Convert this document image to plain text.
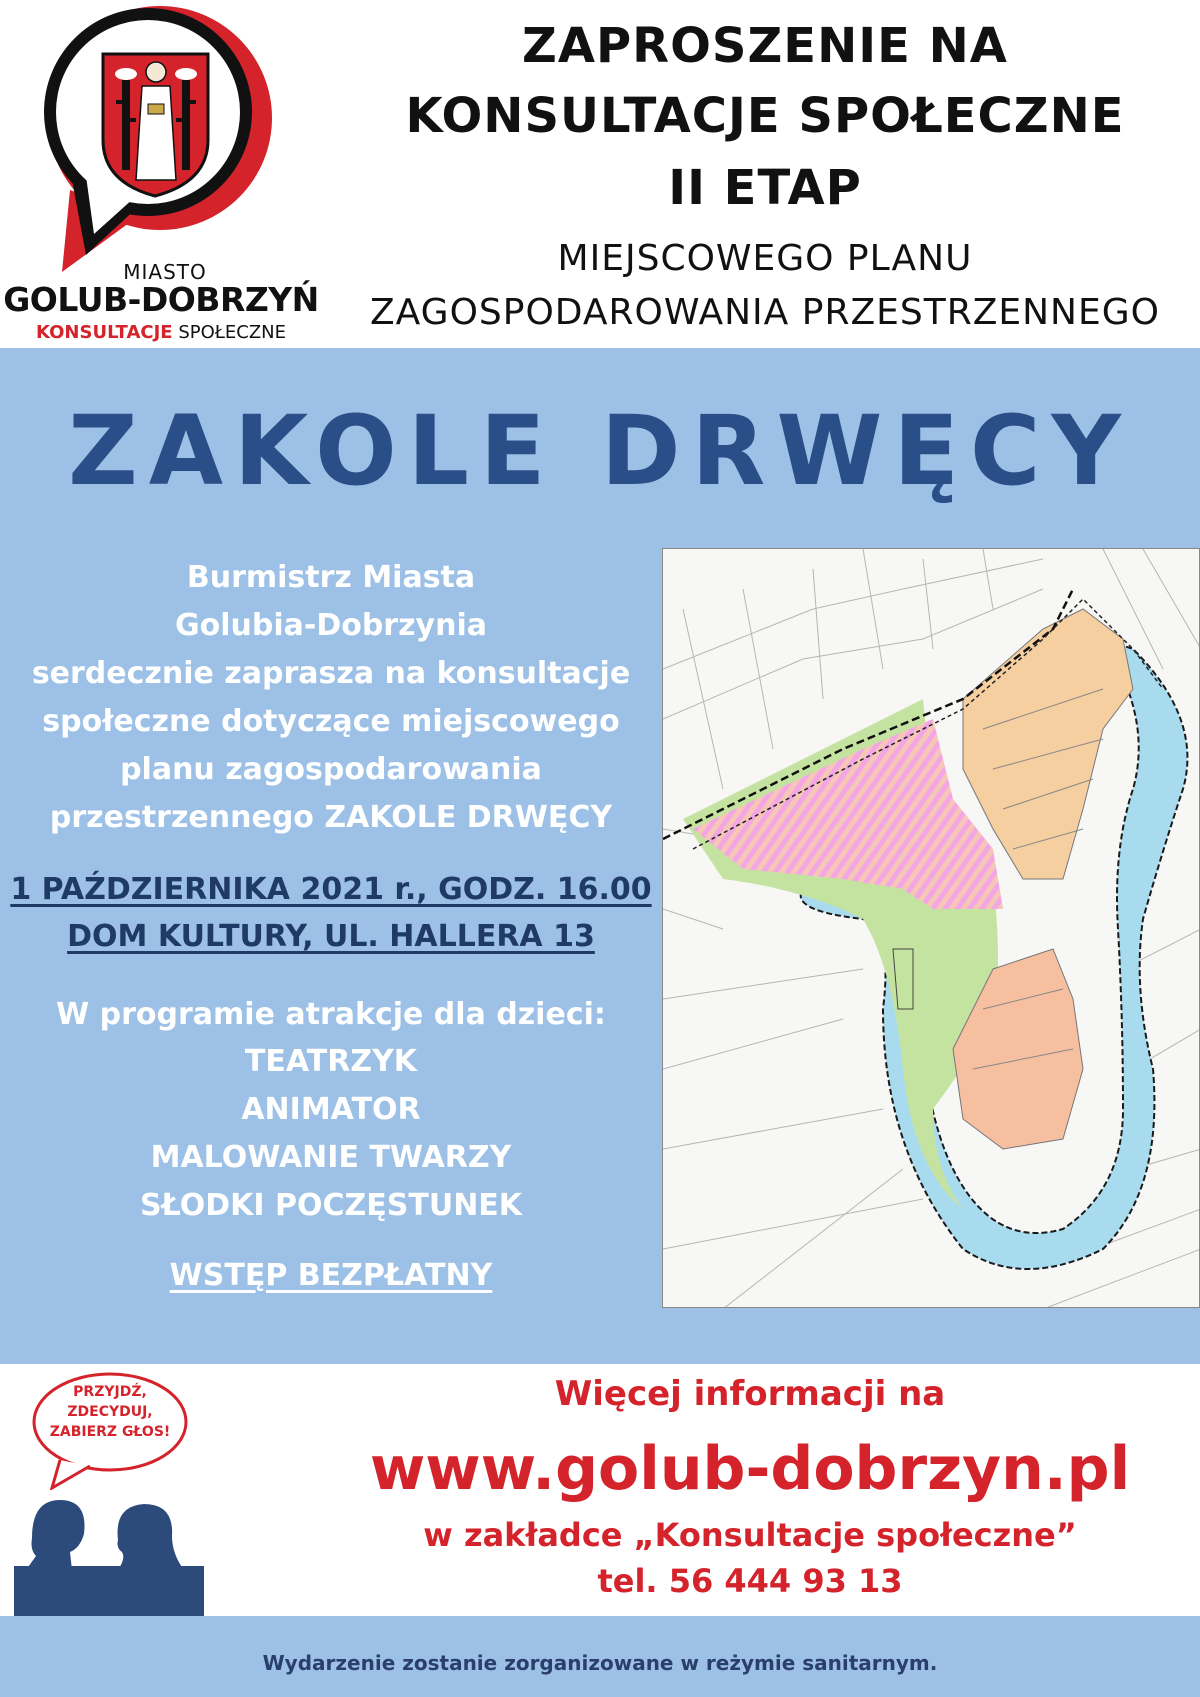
MIASTO
GOLUB-DOBRZYŃ
KONSULTACJE SPOŁECZNE
ZAPROSZENIE NA
KONSULTACJE SPOŁECZNE
II ETAP
MIEJSCOWEGO PLANU
ZAGOSPODAROWANIA PRZESTRZENNEGO
ZAKOLE DRWĘCY
Burmistrz Miasta
Golubia-Dobrzynia
serdecznie zaprasza na konsultacje
społeczne dotyczące miejscowego
planu zagospodarowania
przestrzennego ZAKOLE DRWĘCY
1 PAŹDZIERNIKA 2021 r., GODZ. 16.00
DOM KULTURY, UL. HALLERA 13
W programie atrakcje dla dzieci:
TEATRZYK
ANIMATOR
MALOWANIE TWARZY
SŁODKI POCZĘSTUNEK
WSTĘP BEZPŁATNY
PRZYJDŹ,
ZDECYDUJ,
ZABIERZ GŁOS!
Więcej informacji na
www.golub-dobrzyn.pl
w zakładce „Konsultacje społeczne”
tel. 56 444 93 13
Wydarzenie zostanie zorganizowane w reżymie sanitarnym.
